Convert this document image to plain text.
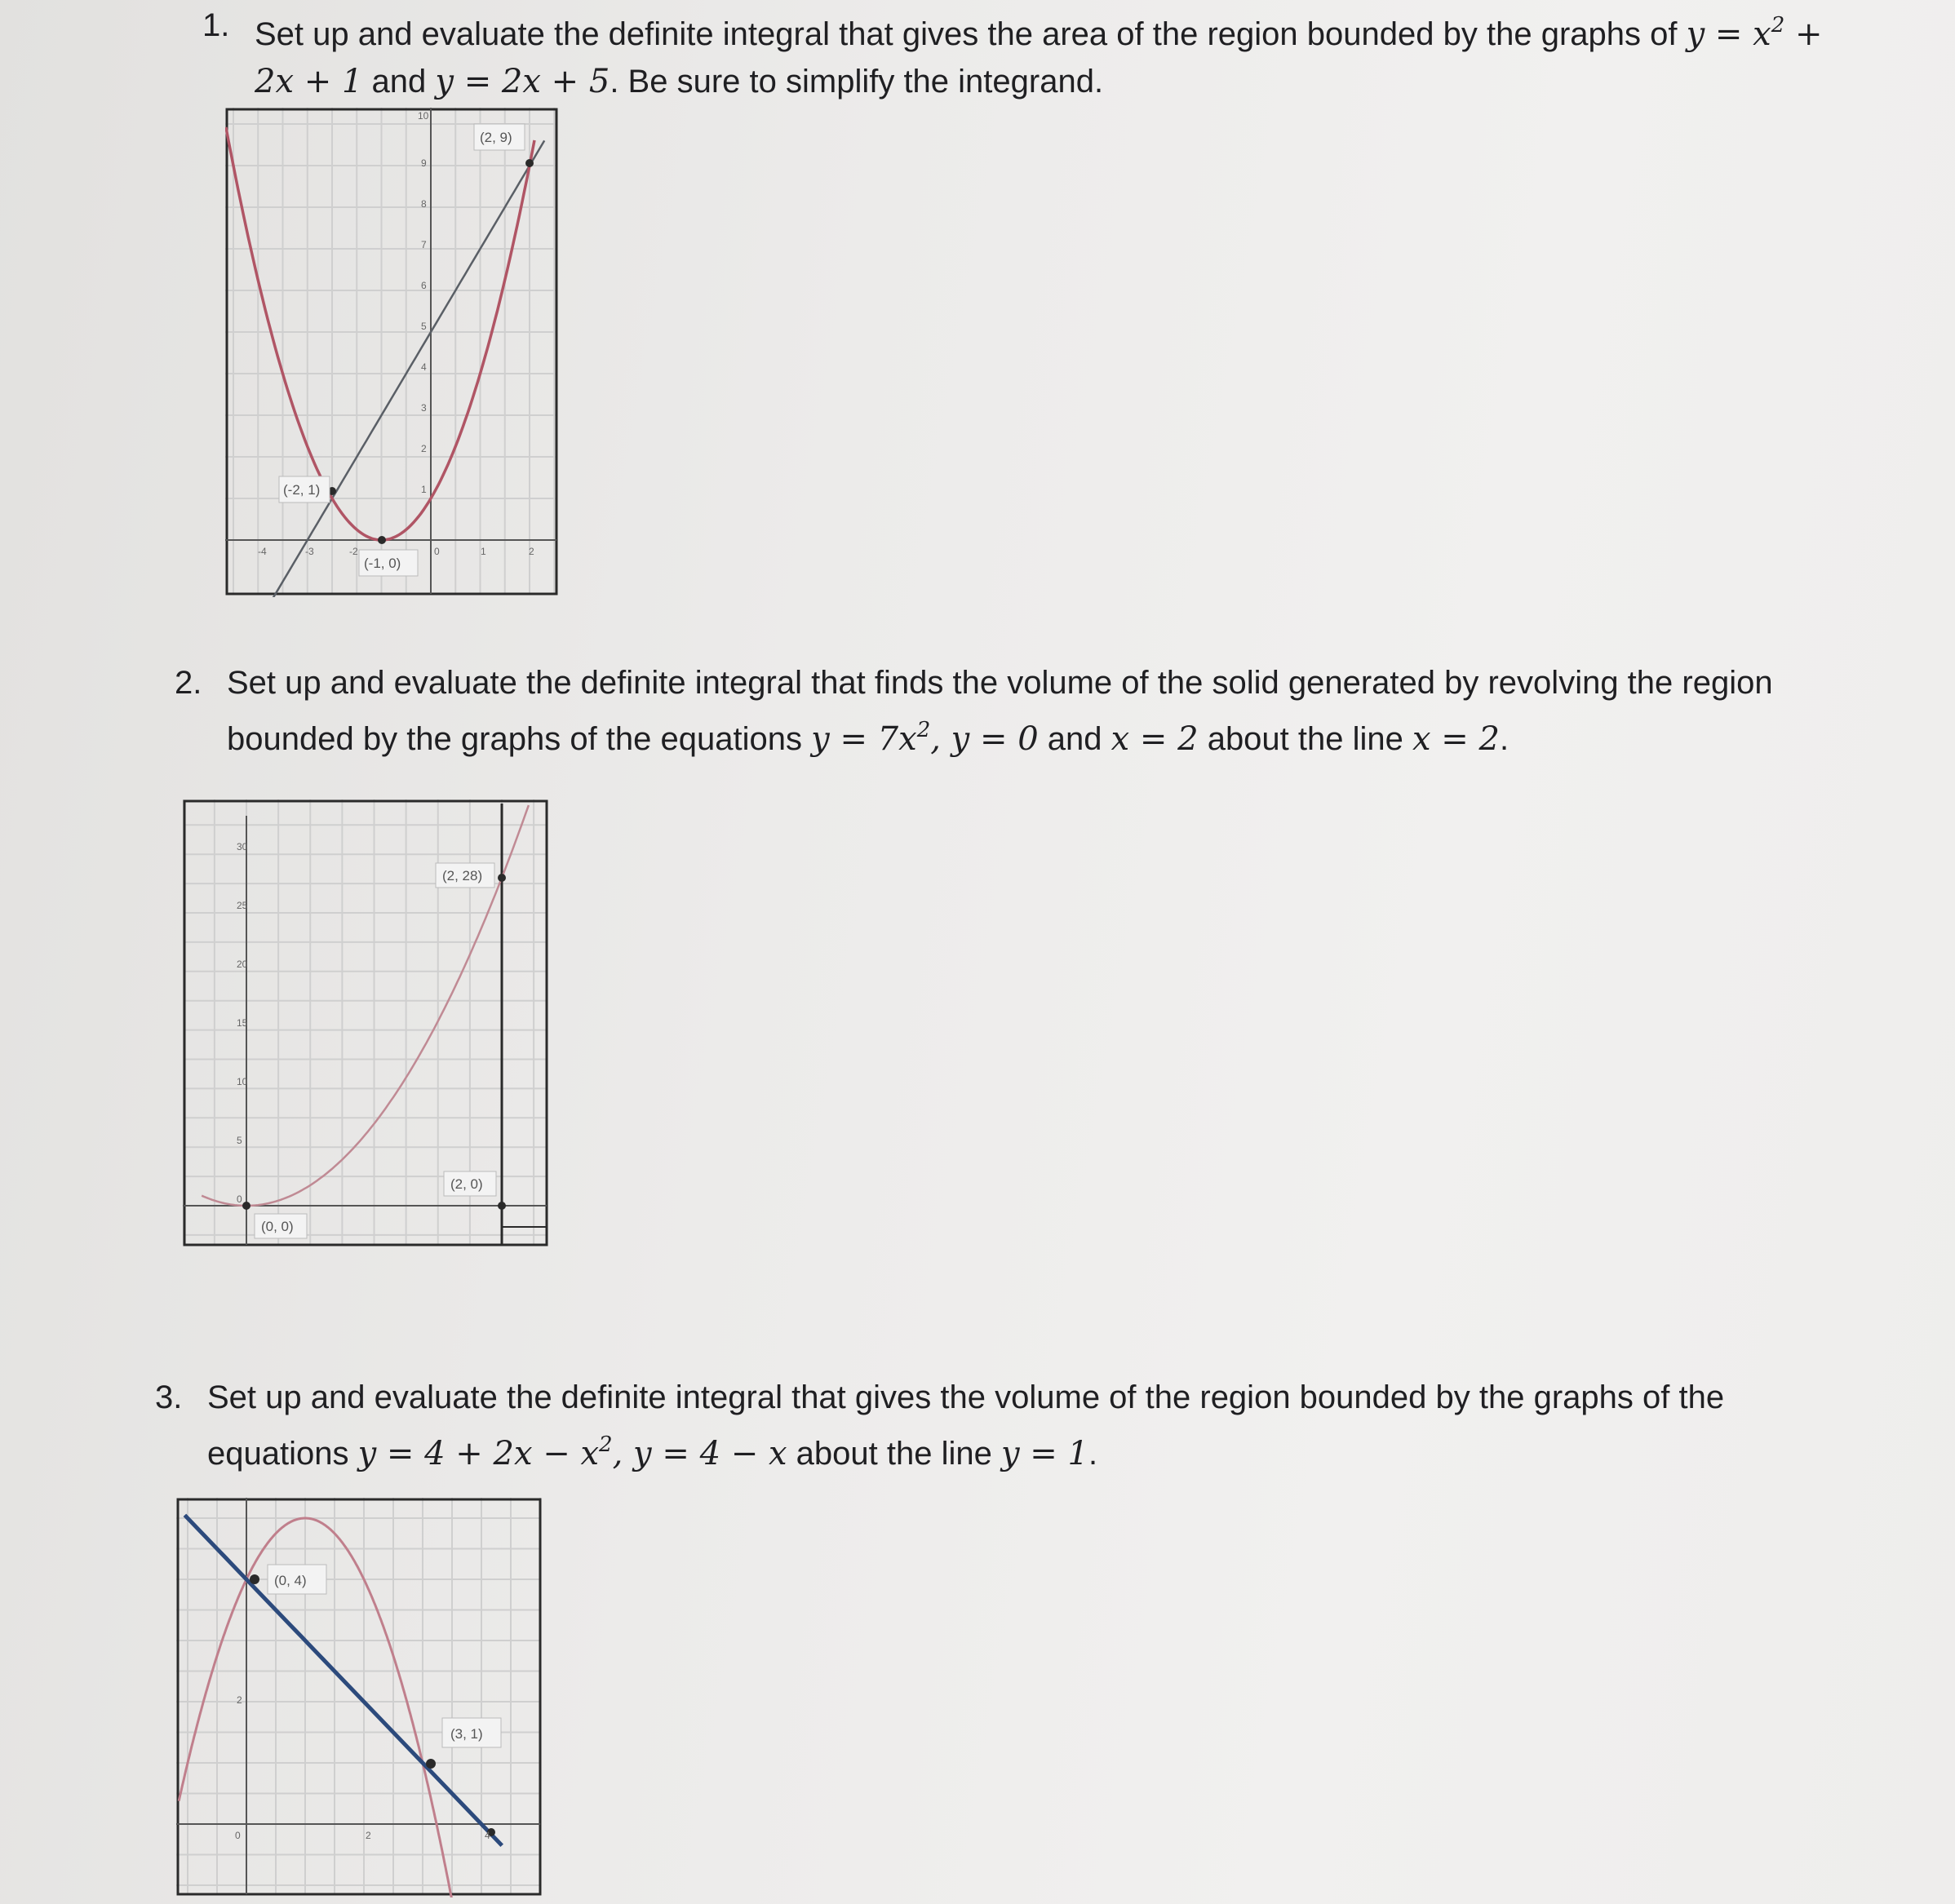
1. Set up and evaluate the definite integral that gives the area of the region bounded by the graphs of $y = x^2$ +
2x + 1 and y = 2x + 5. Be sure to simplify the integrand.
(2, 9)
(-2, 1)
(-1, 0)
-4	-3	-2	0	1	2
10
9
8
7
6
5
4
3
2
1
2. Set up and evaluate the definite integral that finds the volume of the solid generated by revolving the region
bounded by the graphs of the equations $y = 7x^2$, y = 0 and x = 2 about the line x = 2.
(2, 28)
(2, 0)
(0, 0)
30
25
20
15
10
5
0
3. Set up and evaluate the definite integral that gives the volume of the region bounded by the graphs of the
equations $y = 4 + 2x - x^2$, y = 4 − x about the line y = 1.
(0, 4)
(3, 1)
0	2	4
2
